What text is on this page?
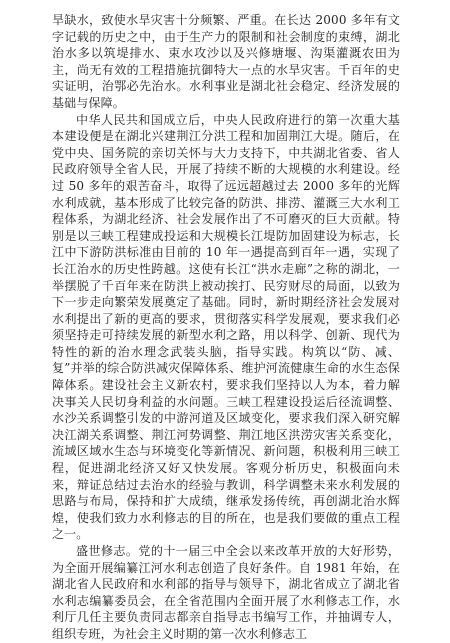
旱缺水，致使水旱灾害十分频繁、严重。在长达 2000 多年有文字记载的历史之中，由于生产力的限制和社会制度的束缚，湖北治水多以筑堤排水、束水攻沙以及兴修塘堰、沟渠灌溉农田为主，尚无有效的工程措施抗御特大一点的水旱灾害。千百年的史实证明，治鄂必先治水。水利事业是湖北社会稳定、经济发展的基础与保障。

中华人民共和国成立后，中央人民政府进行的第一次重大基本建设便是在湖北兴建荆江分洪工程和加固荆江大堤。随后，在党中央、国务院的亲切关怀与大力支持下，中共湖北省委、省人民政府领导全省人民，开展了持续不断的大规模的水利建设。经过 50 多年的艰苦奋斗，取得了远远超越过去 2000 多年的光辉水利成就，基本形成了比较完备的防洪、排涝、灌溉三大水利工程体系，为湖北经济、社会发展作出了不可磨灭的巨大贡献。特别是以三峡工程建成投运和大规模长江堤防加固建设为标志，长江中下游防洪标准由目前的 10 年一遇提高到百年一遇，实现了长江治水的历史性跨越。这使有长江“洪水走廊”之称的湖北，一举摆脱了千百年来在防洪上被动挨打、民穷财尽的局面，以致为下一步走向繁荣发展奠定了基础。同时，新时期经济社会发展对水利提出了新的更高的要求，贯彻落实科学发展观，要求我们必须坚持走可持续发展的新型水利之路，用以科学、创新、现代为特性的新的治水理念武装头脑，指导实践。构筑以“防、减、复”并举的综合防洪减灾保障体系、维护河流健康生命的水生态保障体系。建设社会主义新农村，要求我们坚持以人为本，着力解决事关人民切身利益的水问题。三峡工程建设投运后径流调整、水沙关系调整引发的中游河道及区域变化，要求我们深入研究解决江湖关系调整、荆江河势调整、荆江地区洪涝灾害关系变化，流域区域水生态与环境变化等新情况、新问题，积极利用三峡工程，促进湖北经济又好又快发展。客观分析历史，积极面向未来，辩证总结过去治水的经验与教训，科学调整未来水利发展的思路与布局，保持和扩大成绩，继承发扬传统，再创湖北治水辉煌，使我们致力水利修志的目的所在，也是我们要做的重点工程之一。

盛世修志。党的十一届三中全会以来改革开放的大好形势，为全面开展编纂江河水利志创造了良好条件。自 1981 年始，在湖北省人民政府和水利部的指导与领导下，湖北省成立了湖北省水利志编纂委员会，在全省范围内全面开展了水利修志工作，水利厅几任主要负责同志都亲自指导志书编写工作，并抽调专人，组织专班，为社会主义时期的第一次水利修志工
